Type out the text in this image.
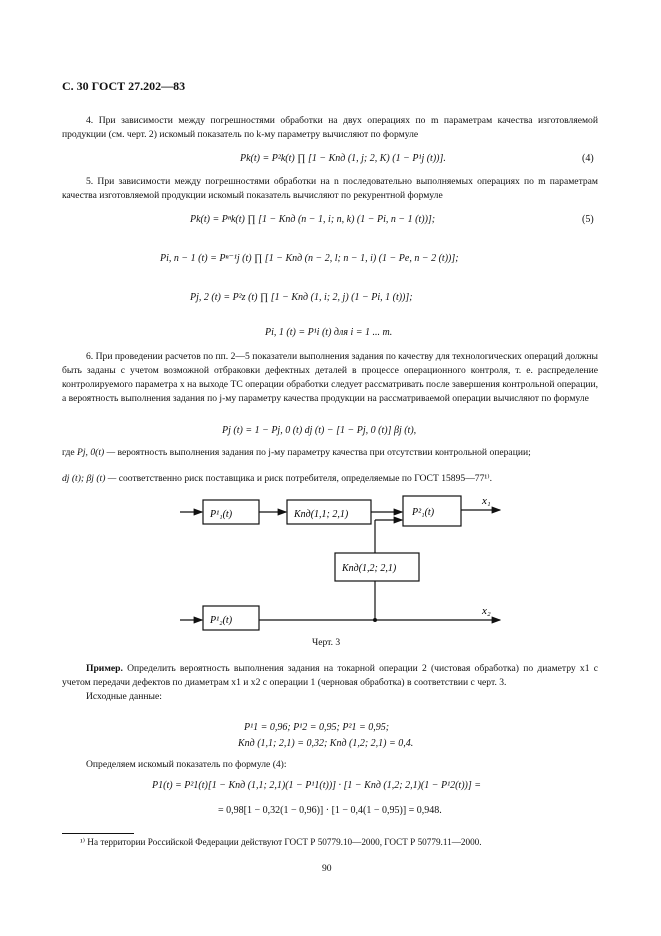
С. 30 ГОСТ 27.202—83

4. При зависимости между погрешностями обработки на двух операциях по m параметрам качества изготовляемой продукции (см. черт. 2) искомый показатель по k-му параметру вычисляют по формуле

Pk(t) = P²k(t) ∏ [1 − Kпд (1, j; 2, K) (1 − P¹j (t))].	(4)

5. При зависимости между погрешностями обработки на n последовательно выполняемых операциях по m параметрам качества изготовляемой продукции искомый показатель вычисляют по рекурентной формуле

Pk(t) = Pⁿk(t) ∏ [1 − Kпд (n − 1, i; n, k) (1 − Pi, n − 1 (t))];	(5)
Pi, n − 1 (t) = Pⁿ⁻¹j (t) ∏ [1 − Kпд (n − 2, l; n − 1, i) (1 − Pe, n − 2 (t))];
Pj, 2 (t) = P²z (t) ∏ [1 − Kпд (1, i; 2, j) (1 − Pi, 1 (t))];
Pi, 1 (t) = P¹i (t) для i = 1 ... m.

6. При проведении расчетов по пп. 2—5 показатели выполнения задания по качеству для технологических операций должны быть заданы с учетом возможной отбраковки дефектных деталей в процессе операционного контроля, т. е. распределение контролируемого параметра x на выходе ТС операции обработки следует рассматривать после завершения контрольной операции, а вероятность выполнения задания по j-му параметру качества продукции на рассматриваемой операции вычисляют по формуле

Pj (t) = 1 − Pj, 0 (t) dj (t) − [1 − Pj, 0 (t)] βj (t),
где Pj, 0(t) — вероятность выполнения задания по j-му параметру качества при отсутствии контрольной операции;
dj (t); βj (t) — соответственно риск поставщика и риск потребителя, определяемые по ГОСТ 15895—77¹⁾.
P¹₁(t)	Kпд(1,1; 2,1)	P²₁(t)
x₁
Kпд(1,2; 2,1)
P¹₂(t)
x₂
Черт. 3

Пример. Определить вероятность выполнения задания на токарной операции 2 (чистовая обработка) по диаметру x1 с учетом передачи дефектов по диаметрам x1 и x2 с операции 1 (черновая обработка) в соответствии с черт. 3.

Исходные данные:

P¹1 = 0,96; P¹2 = 0,95; P²1 = 0,95;
Kпд (1,1; 2,1) = 0,32; Kпд (1,2; 2,1) = 0,4.

Определяем искомый показатель по формуле (4):

P1(t) = P²1(t)[1 − Kпд (1,1; 2,1)(1 − P¹1(t))] · [1 − Kпд (1,2; 2,1)(1 − P¹2(t))] =
= 0,98[1 − 0,32(1 − 0,96)] · [1 − 0,4(1 − 0,95)] = 0,948.
¹⁾ На территории Российской Федерации действуют ГОСТ Р 50779.10—2000, ГОСТ Р 50779.11—2000.
90
